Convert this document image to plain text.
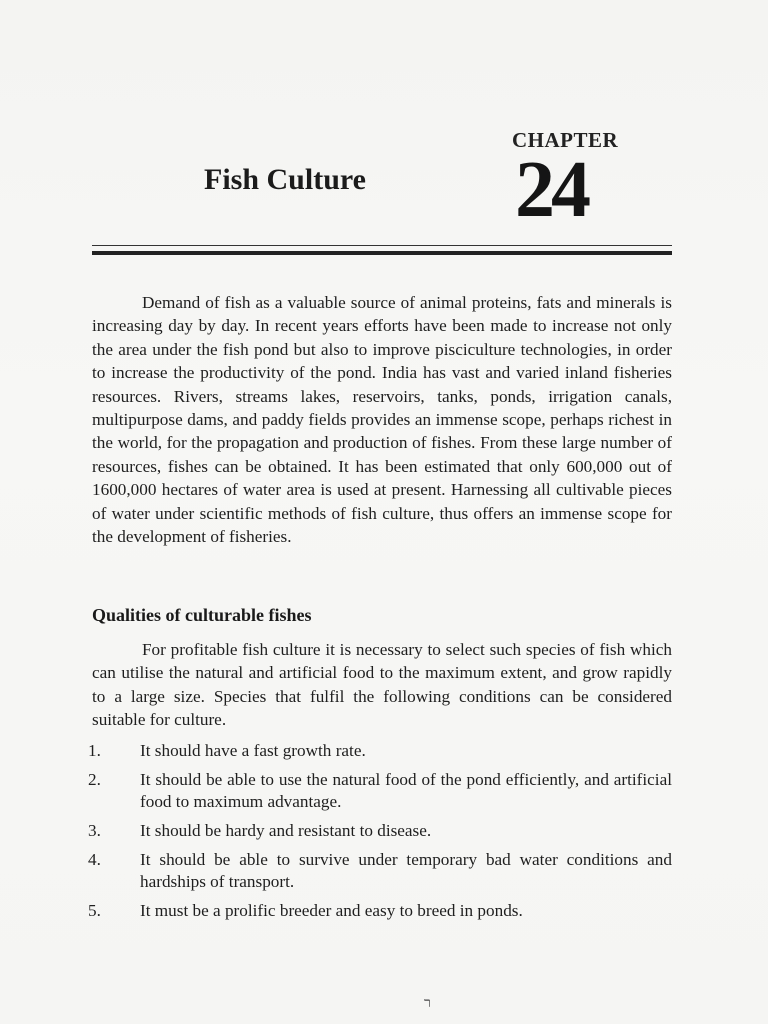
CHAPTER
24
Fish Culture

Demand of fish as a valuable source of animal proteins, fats and minerals is increasing day by day. In recent years efforts have been made to increase not only the area under the fish pond but also to improve pisciculture technologies, in order to increase the productivity of the pond. India has vast and varied inland fisheries resources. Rivers, streams lakes, reservoirs, tanks, ponds, irrigation canals, multipurpose dams, and paddy fields provides an immense scope, perhaps richest in the world, for the propagation and production of fishes. From these large number of resources, fishes can be obtained. It has been estimated that only 600,000 out of 1600,000 hectares of water area is used at present. Harnessing all cultivable pieces of water under scientific methods of fish culture, thus offers an immense scope for the development of fisheries.

Qualities of culturable fishes

For profitable fish culture it is necessary to select such species of fish which can utilise the natural and artificial food to the maximum extent, and grow rapidly to a large size. Species that fulfil the following conditions can be considered suitable for culture.

1.	It should have a fast growth rate.
2.	It should be able to use the natural food of the pond efficiently, and artificial food to maximum advantage.
3.	It should be hardy and resistant to disease.
4.	It should be able to survive under temporary bad water conditions and hardships of transport.
5.	It must be a prolific breeder and easy to breed in ponds.
ר
